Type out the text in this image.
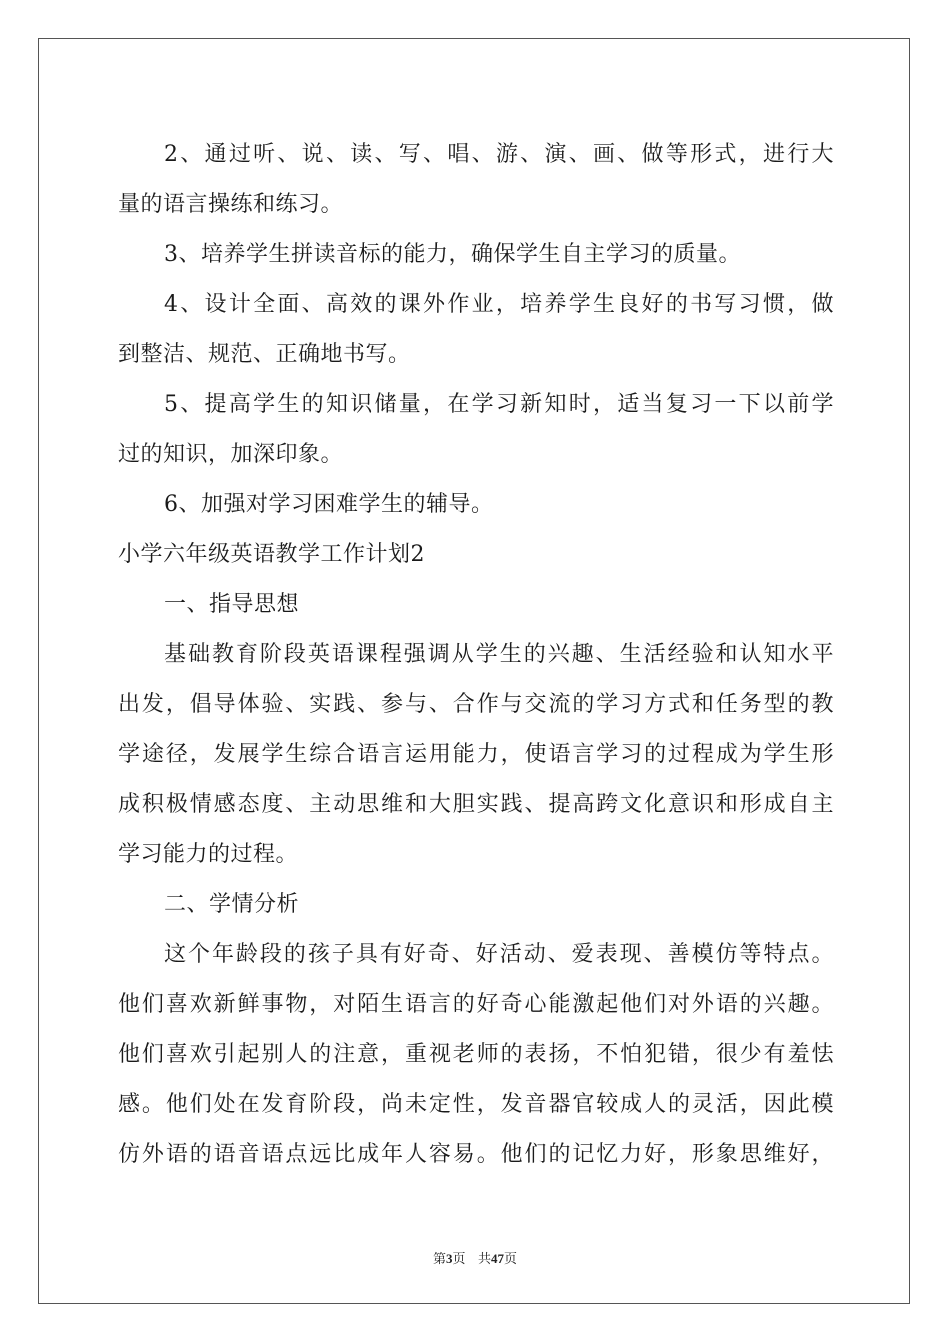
2、通过听、说、读、写、唱、游、演、画、做等形式，进行大
量的语言操练和练习。
3、培养学生拼读音标的能力，确保学生自主学习的质量。
4、设计全面、高效的课外作业，培养学生良好的书写习惯，做
到整洁、规范、正确地书写。
5、提高学生的知识储量，在学习新知时，适当复习一下以前学
过的知识，加深印象。
6、加强对学习困难学生的辅导。
小学六年级英语教学工作计划2
一、指导思想
基础教育阶段英语课程强调从学生的兴趣、生活经验和认知水平
出发，倡导体验、实践、参与、合作与交流的学习方式和任务型的教
学途径，发展学生综合语言运用能力，使语言学习的过程成为学生形
成积极情感态度、主动思维和大胆实践、提高跨文化意识和形成自主
学习能力的过程。
二、学情分析
这个年龄段的孩子具有好奇、好活动、爱表现、善模仿等特点。
他们喜欢新鲜事物，对陌生语言的好奇心能激起他们对外语的兴趣。
他们喜欢引起别人的注意，重视老师的表扬，不怕犯错，很少有羞怯
感。他们处在发育阶段，尚未定性，发音器官较成人的灵活，因此模
仿外语的语音语点远比成年人容易。他们的记忆力好，形象思维好，
第3页 共47页
